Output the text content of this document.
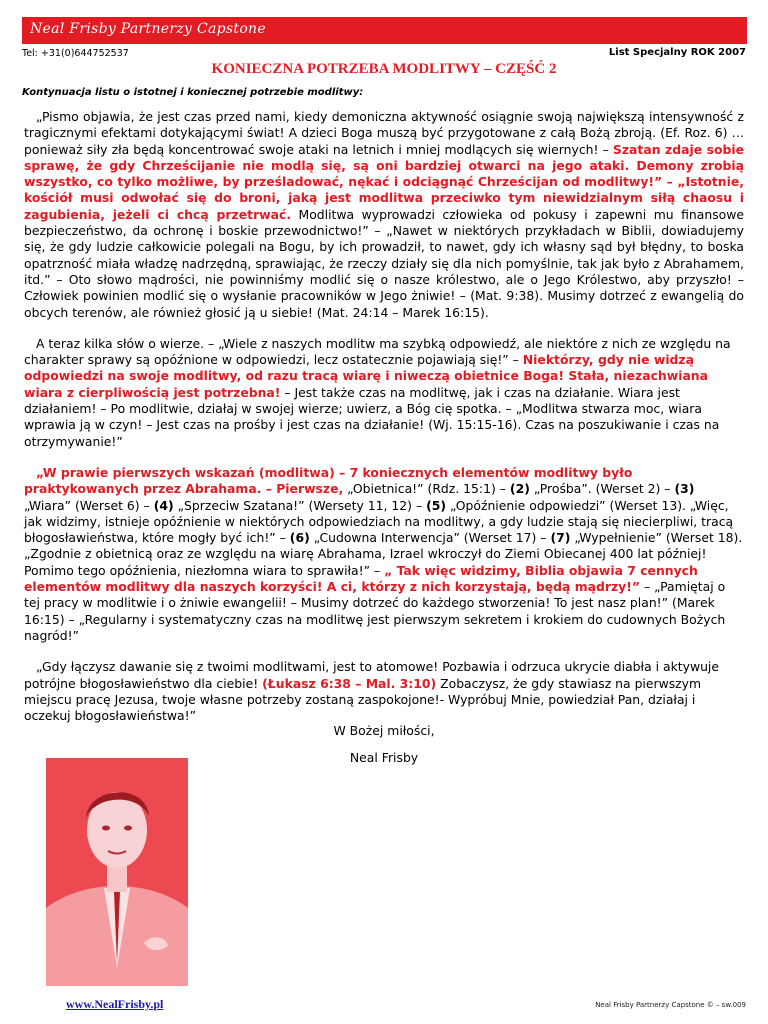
Neal Frisby Partnerzy Capstone
Tel: +31(0)644752537	List Specjalny ROK 2007
KONIECZNA POTRZEBA MODLITWY – CZĘŚĆ 2
Kontynuacja listu o istotnej i koniecznej potrzebie modlitwy:

„Pismo objawia, że jest czas przed nami, kiedy demoniczna aktywność osiągnie swoją największą intensywność z tragicznymi efektami dotykającymi świat! A dzieci Boga muszą być przygotowane z całą Bożą zbroją. (Ef. Roz. 6) … ponieważ siły zła będą koncentrować swoje ataki na letnich i mniej modlących się wiernych! – Szatan zdaje sobie sprawę, że gdy Chrześcijanie nie modlą się, są oni bardziej otwarci na jego ataki. Demony zrobią wszystko, co tylko możliwe, by prześladować, nękać i odciągnąć Chrześcijan od modlitwy!” – „Istotnie, kościół musi odwołać się do broni, jaką jest modlitwa przeciwko tym niewidzialnym siłą chaosu i zagubienia, jeżeli ci chcą przetrwać. Modlitwa wyprowadzi człowieka od pokusy i zapewni mu finansowe bezpieczeństwo, da ochronę i boskie przewodnictwo!” – „Nawet w niektórych przykładach w Biblii, dowiadujemy się, że gdy ludzie całkowicie polegali na Bogu, by ich prowadził, to nawet, gdy ich własny sąd był błędny, to boska opatrzność miała władzę nadrzędną, sprawiając, że rzeczy działy się dla nich pomyślnie, tak jak było z Abrahamem, itd.” – Oto słowo mądrości, nie powinniśmy modlić się o nasze królestwo, ale o Jego Królestwo, aby przyszło! – Człowiek powinien modlić się o wysłanie pracowników w Jego żniwie! – (Mat. 9:38). Musimy dotrzeć z ewangelią do obcych terenów, ale również głosić ją u siebie! (Mat. 24:14 – Marek 16:15).

A teraz kilka słów o wierze. – „Wiele z naszych modlitw ma szybką odpowiedź, ale niektóre z nich ze względu na charakter sprawy są opóźnione w odpowiedzi, lecz ostatecznie pojawiają się!” – Niektórzy, gdy nie widzą odpowiedzi na swoje modlitwy, od razu tracą wiarę i niweczą obietnice Boga! Stała, niezachwiana wiara z cierpliwością jest potrzebna! – Jest także czas na modlitwę, jak i czas na działanie. Wiara jest działaniem! – Po modlitwie, działaj w swojej wierze; uwierz, a Bóg cię spotka. – „Modlitwa stwarza moc, wiara wprawia ją w czyn! – Jest czas na prośby i jest czas na działanie! (Wj. 15:15-16). Czas na poszukiwanie i czas na otrzymywanie!”

„W prawie pierwszych wskazań (modlitwa) – 7 koniecznych elementów modlitwy było praktykowanych przez Abrahama. – Pierwsze, „Obietnica!” (Rdz. 15:1) – (2) „Prośba”. (Werset 2) – (3) „Wiara” (Werset 6) – (4) „Sprzeciw Szatana!” (Wersety 11, 12) – (5) „Opóźnienie odpowiedzi” (Werset 13). „Więc, jak widzimy, istnieje opóźnienie w niektórych odpowiedziach na modlitwy, a gdy ludzie stają się niecierpliwi, tracą błogosławieństwa, które mogły być ich!” – (6) „Cudowna Interwencja” (Werset 17) – (7) „Wypełnienie” (Werset 18). „Zgodnie z obietnicą oraz ze względu na wiarę Abrahama, Izrael wkroczył do Ziemi Obiecanej 400 lat później! Pomimo tego opóźnienia, niezłomna wiara to sprawiła!” – „ Tak więc widzimy, Biblia objawia 7 cennych elementów modlitwy dla naszych korzyści! A ci, którzy z nich korzystają, będą mądrzy!” – „Pamiętaj o tej pracy w modlitwie i o żniwie ewangelii! – Musimy dotrzeć do każdego stworzenia! To jest nasz plan!” (Marek 16:15) – „Regularny i systematyczny czas na modlitwę jest pierwszym sekretem i krokiem do cudownych Bożych nagród!”

„Gdy łączysz dawanie się z twoimi modlitwami, jest to atomowe! Pozbawia i odrzuca ukrycie diabła i aktywuje potrójne błogosławieństwo dla ciebie! (Łukasz 6:38 – Mal. 3:10) Zobaczysz, że gdy stawiasz na pierwszym miejscu pracę Jezusa, twoje własne potrzeby zostaną zaspokojone!- Wypróbuj Mnie, powiedział Pan, działaj i oczekuj błogosławieństwa!”

W Bożej miłości,
Neal Frisby
www.NealFrisby.pl	Neal Frisby Partnerzy Capstone © – sw.009
